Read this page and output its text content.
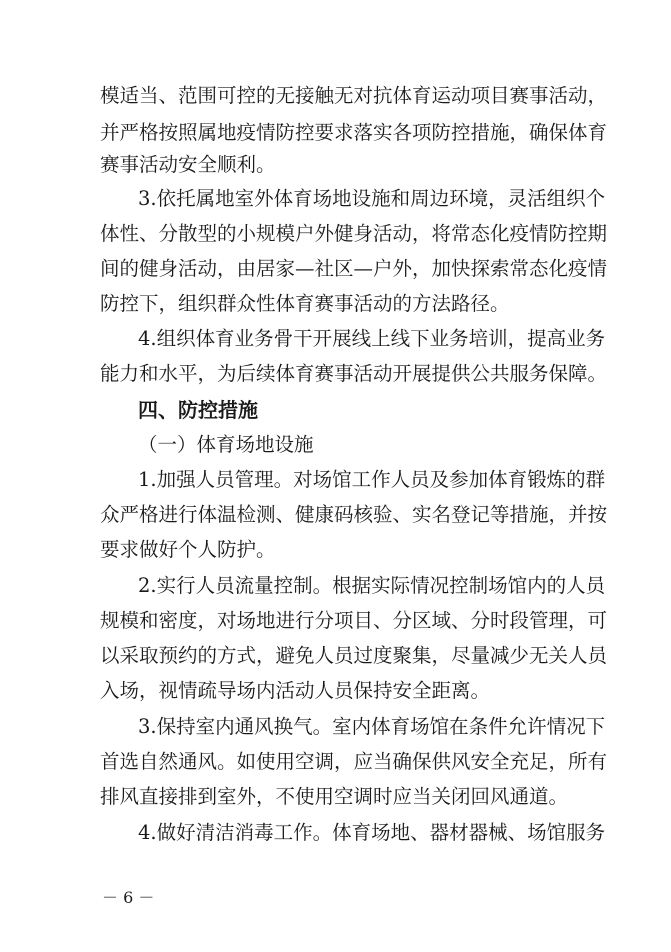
模适当、范围可控的无接触无对抗体育运动项目赛事活动，
并严格按照属地疫情防控要求落实各项防控措施，确保体育
赛事活动安全顺利。
3.依托属地室外体育场地设施和周边环境，灵活组织个
体性、分散型的小规模户外健身活动，将常态化疫情防控期
间的健身活动，由居家—社区—户外，加快探索常态化疫情
防控下，组织群众性体育赛事活动的方法路径。
4.组织体育业务骨干开展线上线下业务培训，提高业务
能力和水平，为后续体育赛事活动开展提供公共服务保障。
四、防控措施
（一）体育场地设施
1.加强人员管理。对场馆工作人员及参加体育锻炼的群
众严格进行体温检测、健康码核验、实名登记等措施，并按
要求做好个人防护。
2.实行人员流量控制。根据实际情况控制场馆内的人员
规模和密度，对场地进行分项目、分区域、分时段管理，可
以采取预约的方式，避免人员过度聚集，尽量减少无关人员
入场，视情疏导场内活动人员保持安全距离。
3.保持室内通风换气。室内体育场馆在条件允许情况下
首选自然通风。如使用空调，应当确保供风安全充足，所有
排风直接排到室外，不使用空调时应当关闭回风通道。
4.做好清洁消毒工作。体育场地、器材器械、场馆服务
－ 6 －
